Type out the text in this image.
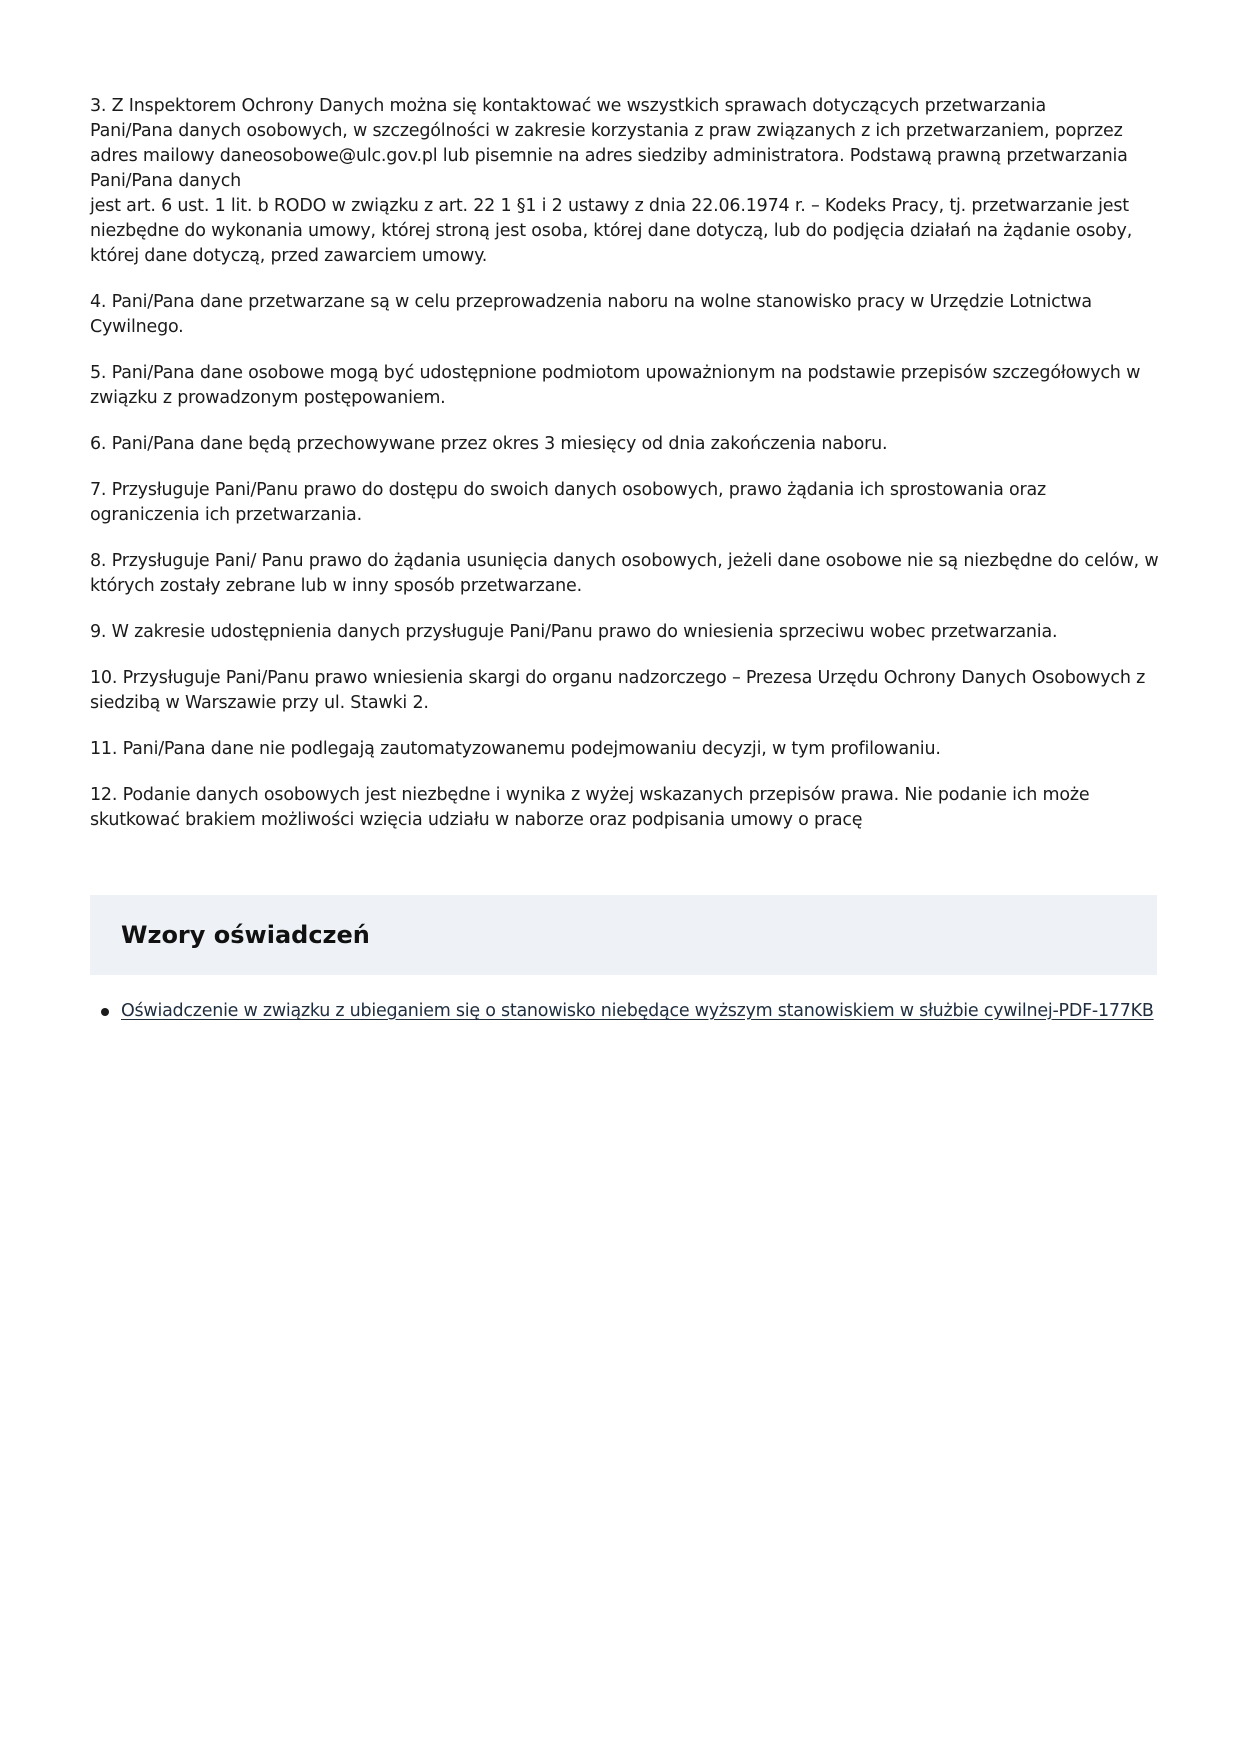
3. Z Inspektorem Ochrony Danych można się kontaktować we wszystkich sprawach dotyczących przetwarzania
Pani/Pana danych osobowych, w szczególności w zakresie korzystania z praw związanych z ich przetwarzaniem, poprzez
adres mailowy daneosobowe@ulc.gov.pl lub pisemnie na adres siedziby administratora. Podstawą prawną przetwarzania
Pani/Pana danych
jest art. 6 ust. 1 lit. b RODO w związku z art. 22 1 §1 i 2 ustawy z dnia 22.06.1974 r. – Kodeks Pracy, tj. przetwarzanie jest
niezbędne do wykonania umowy, której stroną jest osoba, której dane dotyczą, lub do podjęcia działań na żądanie osoby,
której dane dotyczą, przed zawarciem umowy.

4. Pani/Pana dane przetwarzane są w celu przeprowadzenia naboru na wolne stanowisko pracy w Urzędzie Lotnictwa
Cywilnego.

5. Pani/Pana dane osobowe mogą być udostępnione podmiotom upoważnionym na podstawie przepisów szczegółowych w
związku z prowadzonym postępowaniem.

6. Pani/Pana dane będą przechowywane przez okres 3 miesięcy od dnia zakończenia naboru.

7. Przysługuje Pani/Panu prawo do dostępu do swoich danych osobowych, prawo żądania ich sprostowania oraz
ograniczenia ich przetwarzania.

8. Przysługuje Pani/ Panu prawo do żądania usunięcia danych osobowych, jeżeli dane osobowe nie są niezbędne do celów, w
których zostały zebrane lub w inny sposób przetwarzane.

9. W zakresie udostępnienia danych przysługuje Pani/Panu prawo do wniesienia sprzeciwu wobec przetwarzania.

10. Przysługuje Pani/Panu prawo wniesienia skargi do organu nadzorczego – Prezesa Urzędu Ochrony Danych Osobowych z
siedzibą w Warszawie przy ul. Stawki 2.

11. Pani/Pana dane nie podlegają zautomatyzowanemu podejmowaniu decyzji, w tym profilowaniu.

12. Podanie danych osobowych jest niezbędne i wynika z wyżej wskazanych przepisów prawa. Nie podanie ich może
skutkować brakiem możliwości wzięcia udziału w naborze oraz podpisania umowy o pracę

Wzory oświadczeń
Oświadczenie w związku z ubieganiem się o stanowisko niebędące wyższym stanowiskiem w służbie cywilnej-PDF-177KB
